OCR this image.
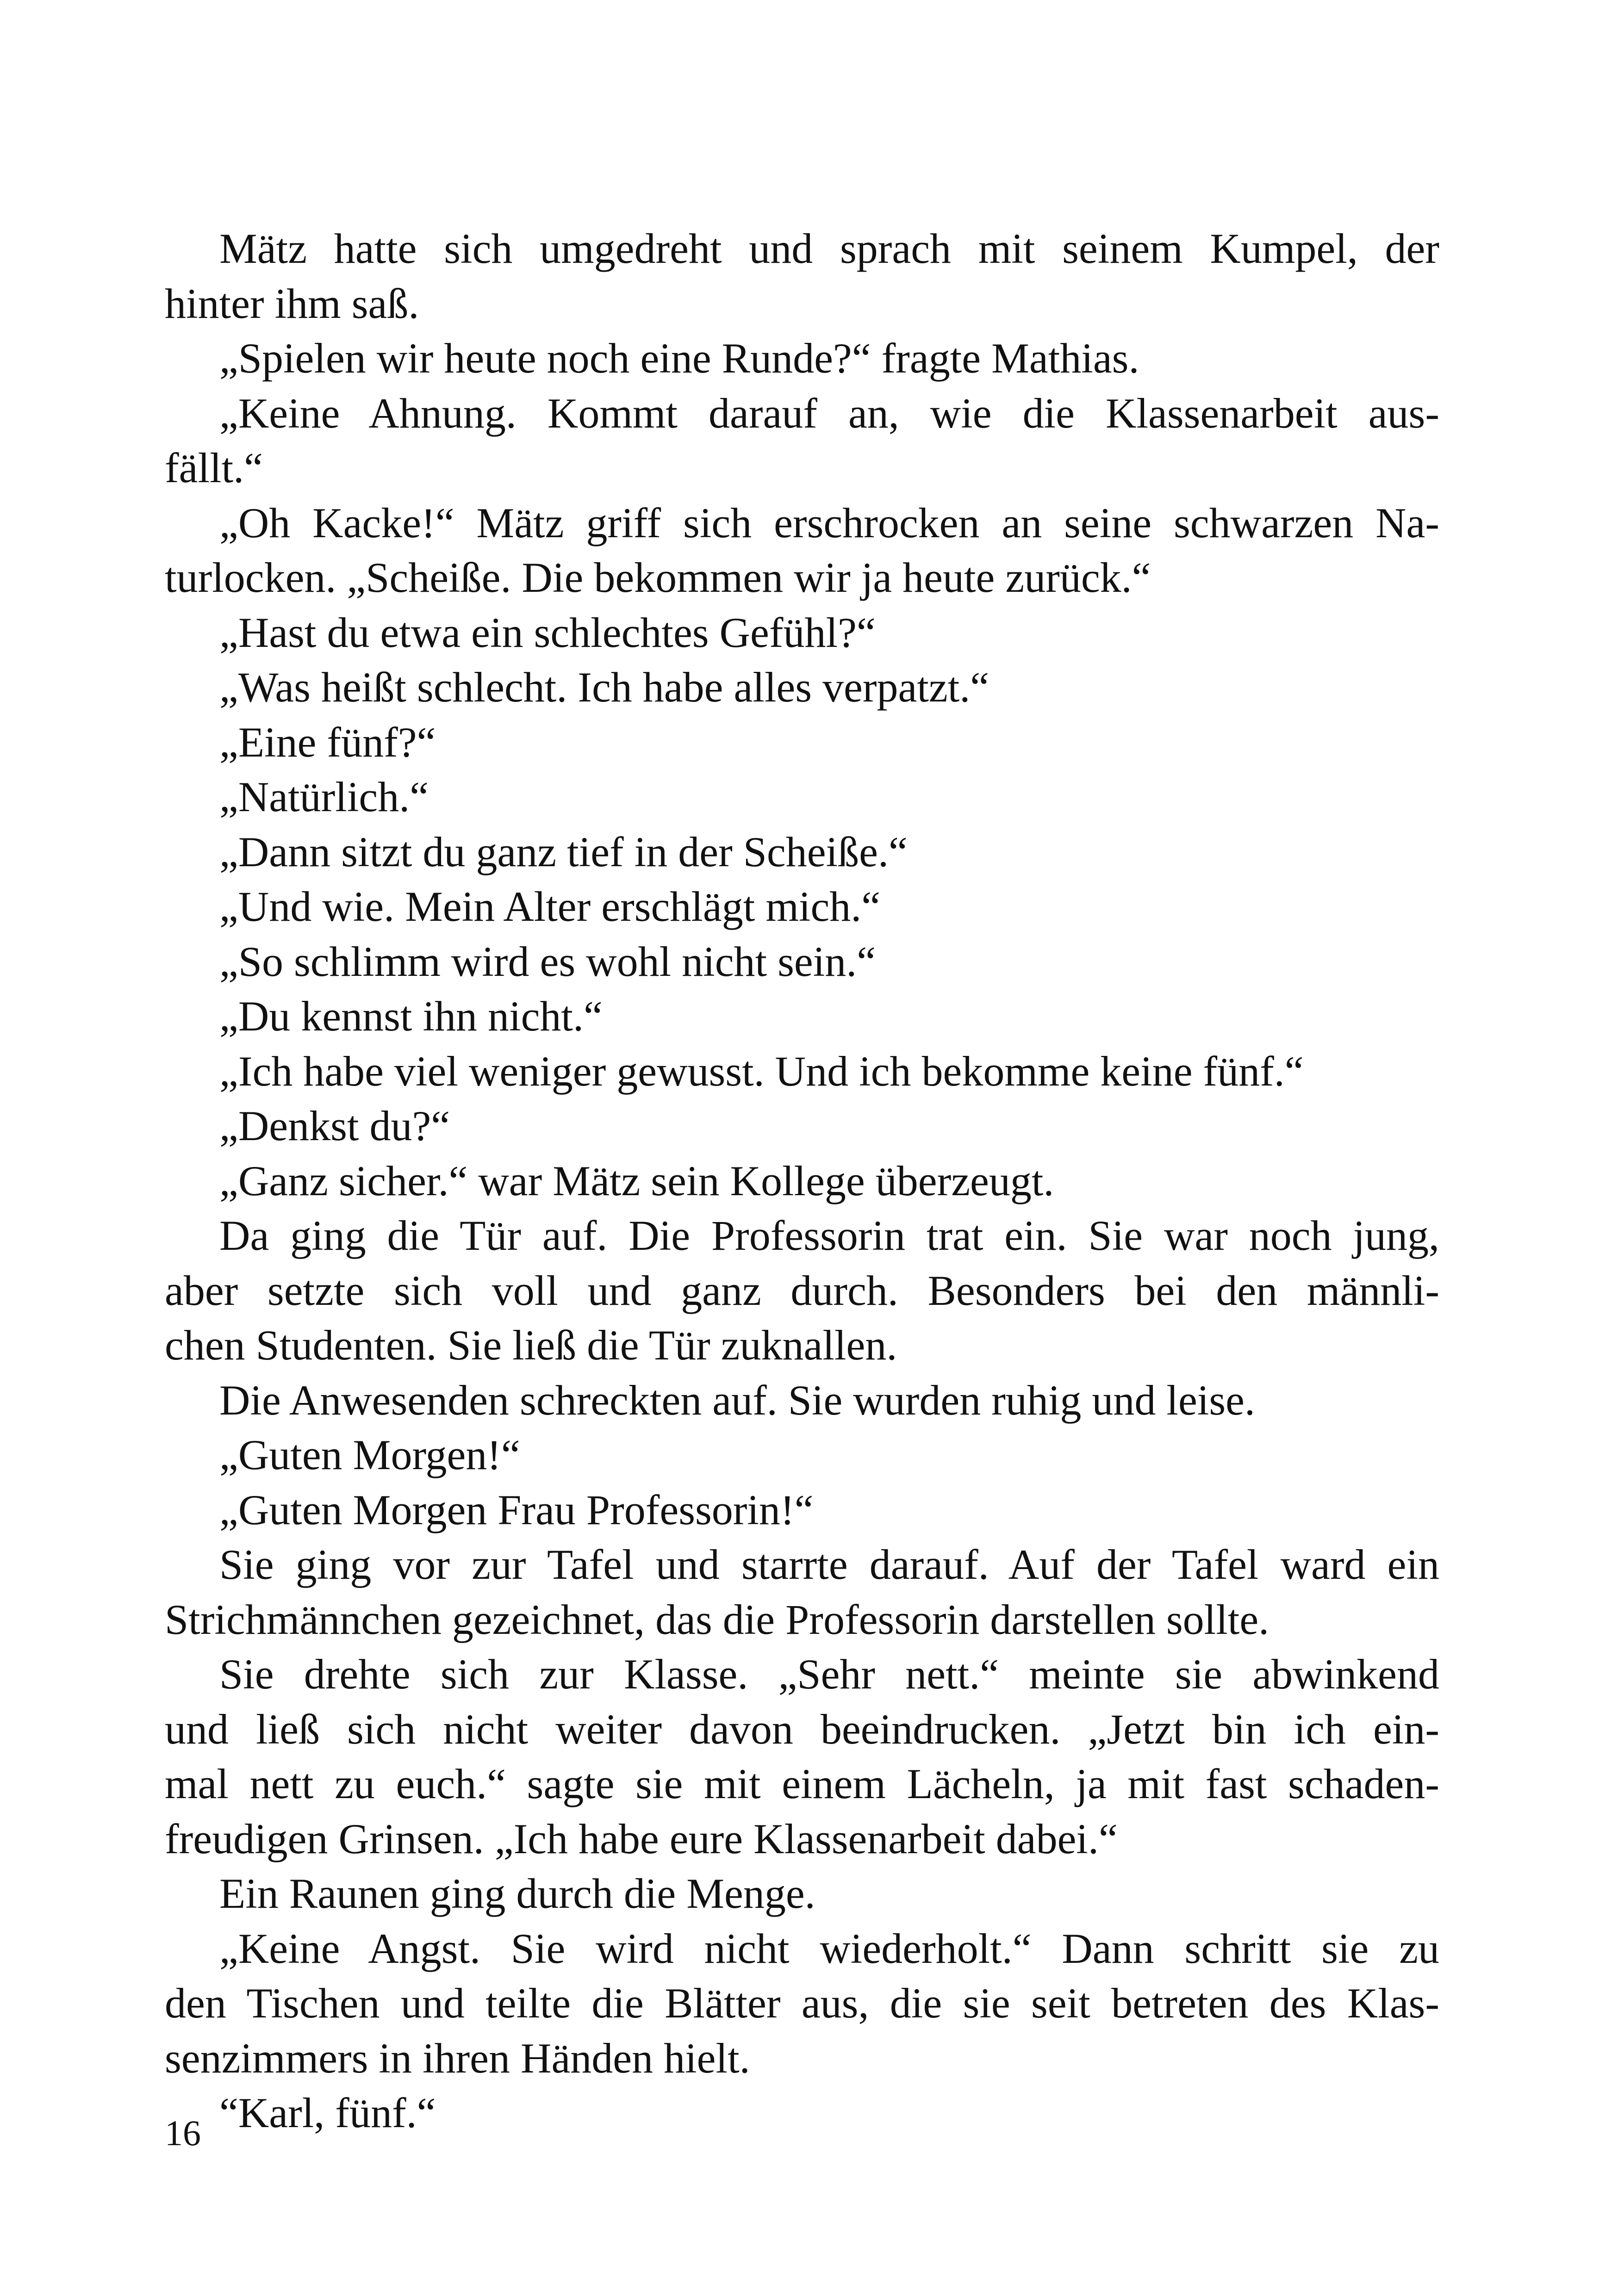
Mätz hatte sich umgedreht und sprach mit seinem Kumpel, der
hinter ihm saß.
„Spielen wir heute noch eine Runde?“ fragte Mathias.
„Keine Ahnung. Kommt darauf an, wie die Klassenarbeit aus-
fällt.“
„Oh Kacke!“ Mätz griff sich erschrocken an seine schwarzen Na-
turlocken. „Scheiße. Die bekommen wir ja heute zurück.“
„Hast du etwa ein schlechtes Gefühl?“
„Was heißt schlecht. Ich habe alles verpatzt.“
„Eine fünf?“
„Natürlich.“
„Dann sitzt du ganz tief in der Scheiße.“
„Und wie. Mein Alter erschlägt mich.“
„So schlimm wird es wohl nicht sein.“
„Du kennst ihn nicht.“
„Ich habe viel weniger gewusst. Und ich bekomme keine fünf.“
„Denkst du?“
„Ganz sicher.“ war Mätz sein Kollege überzeugt.
Da ging die Tür auf. Die Professorin trat ein. Sie war noch jung,
aber setzte sich voll und ganz durch. Besonders bei den männli-
chen Studenten. Sie ließ die Tür zuknallen.
Die Anwesenden schreckten auf. Sie wurden ruhig und leise.
„Guten Morgen!“
„Guten Morgen Frau Professorin!“
Sie ging vor zur Tafel und starrte darauf. Auf der Tafel ward ein
Strichmännchen gezeichnet, das die Professorin darstellen sollte.
Sie drehte sich zur Klasse. „Sehr nett.“ meinte sie abwinkend
und ließ sich nicht weiter davon beeindrucken. „Jetzt bin ich ein-
mal nett zu euch.“ sagte sie mit einem Lächeln, ja mit fast schaden-
freudigen Grinsen. „Ich habe eure Klassenarbeit dabei.“
Ein Raunen ging durch die Menge.
„Keine Angst. Sie wird nicht wiederholt.“ Dann schritt sie zu
den Tischen und teilte die Blätter aus, die sie seit betreten des Klas-
senzimmers in ihren Händen hielt.
“Karl, fünf.“
16
